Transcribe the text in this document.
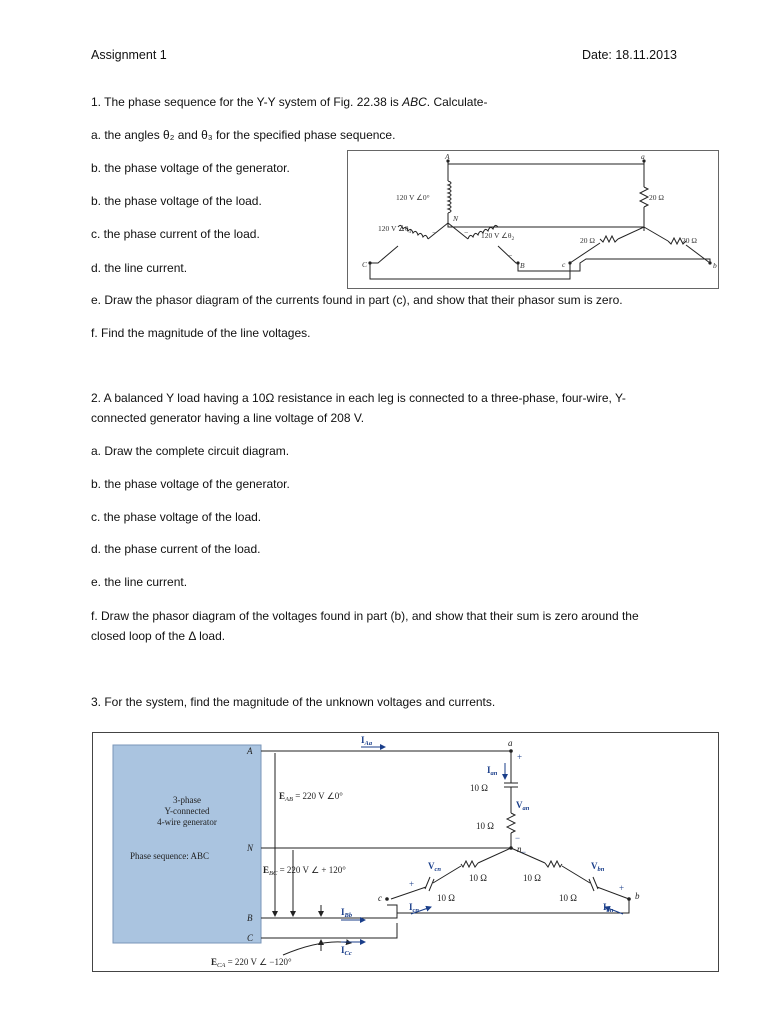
Assignment 1	Date: 18.11.2013
1. The phase sequence for the Y-Y system of Fig. 22.38 is ABC. Calculate-
a. the angles θ₂ and θ₃ for the specified phase sequence.
b. the phase voltage of the generator.
b. the phase voltage of the load.
c. the phase current of the load.
d. the line current.
e. Draw the phasor diagram of the currents found in part (c), and show that their phasor sum is zero.
f. Find the magnitude of the line voltages.
A	a
N
B	b
C	c
120 V ∠0°
120 V $\angle\theta_3$	120 V $\angle\theta_2$
20 Ω
20 Ω	20 Ω
−
−
−
2. A balanced Y load having a 10Ω resistance in each leg is connected to a three-phase, four-wire, Y-
connected generator having a line voltage of 208 V.
a. Draw the complete circuit diagram.
b. the phase voltage of the generator.
c. the phase voltage of the load.
d. the phase current of the load.
e. the line current.
f. Draw the phasor diagram of the voltages found in part (b), and show that their sum is zero around the
closed loop of the Δ load.
3. For the system, find the magnitude of the unknown voltages and currents.
3-phase
Y-connected
4-wire generator
Phase sequence: ABC
A
N
B
C
a
n
b
c
$E_{AB} = 220$ V ∠0°
$E_{BC} = 220$ V ∠ + 120°
$E_{CA} = 220$ V ∠ −120°
$I_{Aa}$
$I_{Bb}$
$I_{Cc}$
$I_{an}$
$I_{cn}$	$I_{bn}$
$V_{an}$
$V_{cn}$	$V_{bn}$
10 Ω
10 Ω
10 Ω
10 Ω
10 Ω
10 Ω
+
−
−
+	+
